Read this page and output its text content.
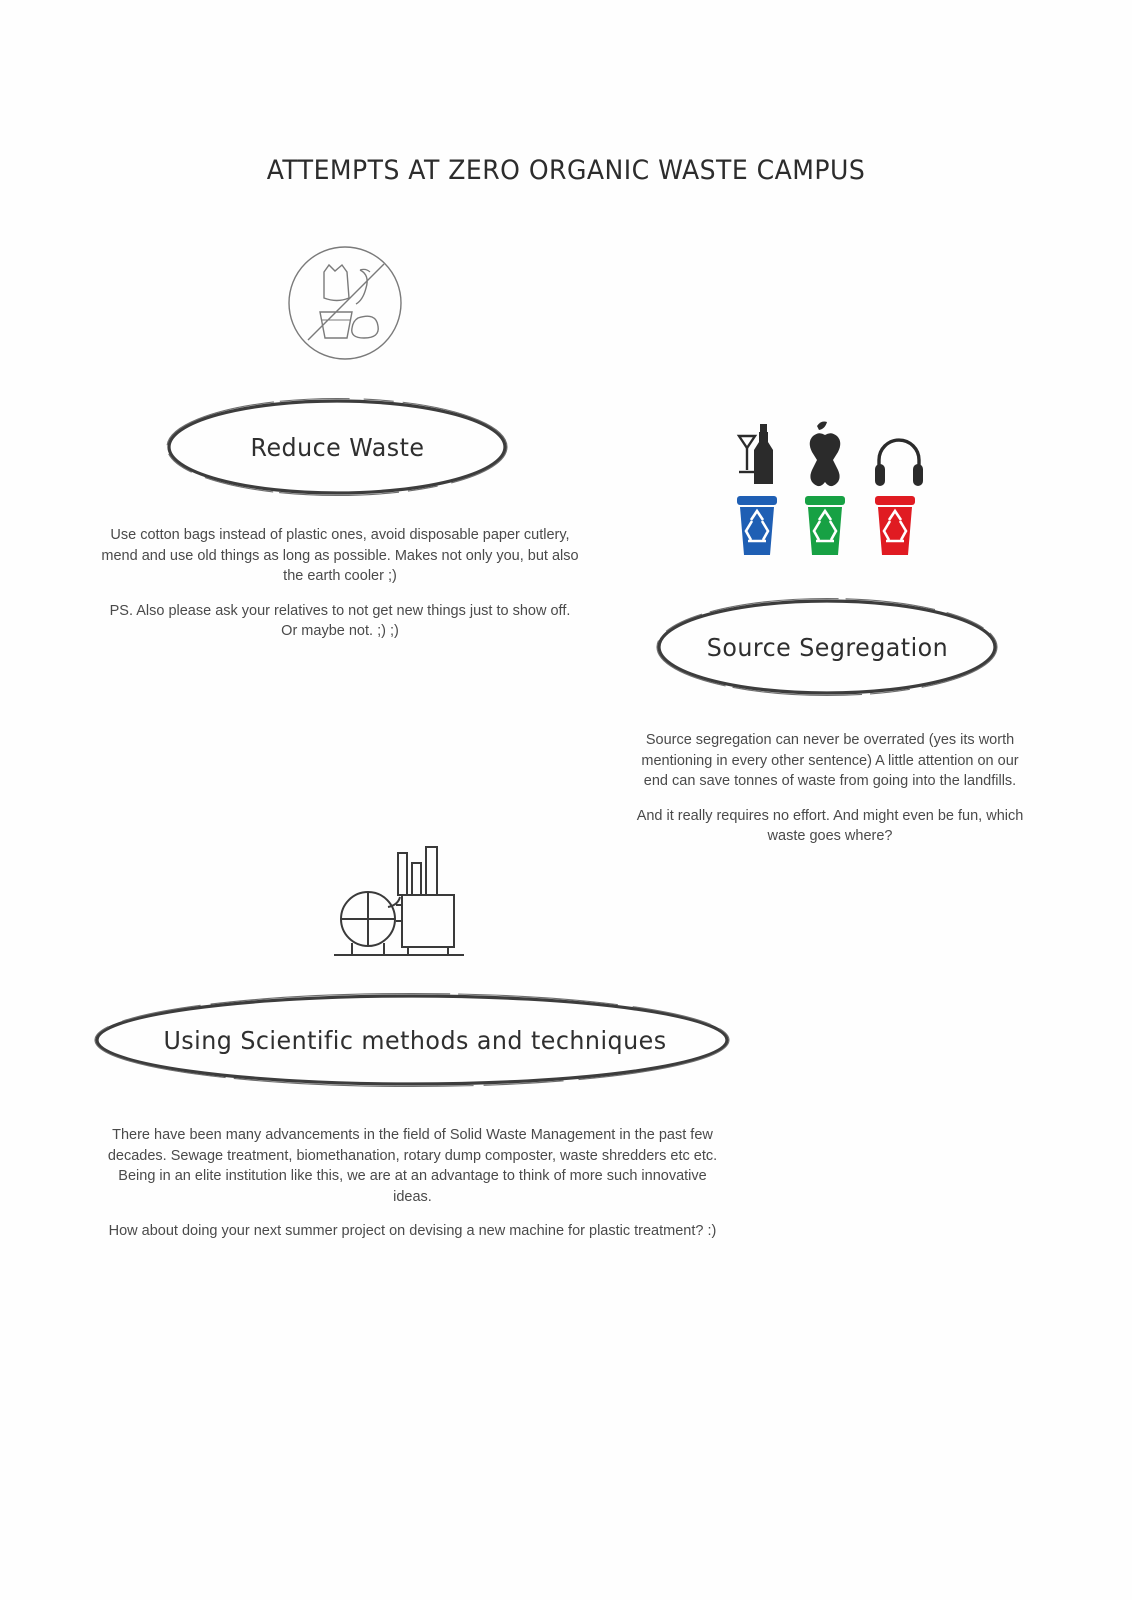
ATTEMPTS AT ZERO ORGANIC WASTE CAMPUS
Reduce Waste

Use cotton bags instead of plastic ones, avoid disposable paper cutlery, mend and use old things as long as possible. Makes not only you, but also the earth cooler ;)

PS. Also please ask your relatives to not get new things just to show off. Or maybe not. ;) ;)

Source Segregation

Source segregation can never be overrated (yes its worth mentioning in every other sentence) A little attention on our end can save tonnes of waste from going into the landfills.

And it really requires no effort. And might even be fun, which waste goes where?

Using Scientific methods and techniques

There have been many advancements in the field of Solid Waste Management in the past few decades. Sewage treatment, biomethanation, rotary dump composter, waste shredders etc etc. Being in an elite institution like this, we are at an advantage to think of more such innovative ideas.

How about doing your next summer project on devising a new machine for plastic treatment? :)
